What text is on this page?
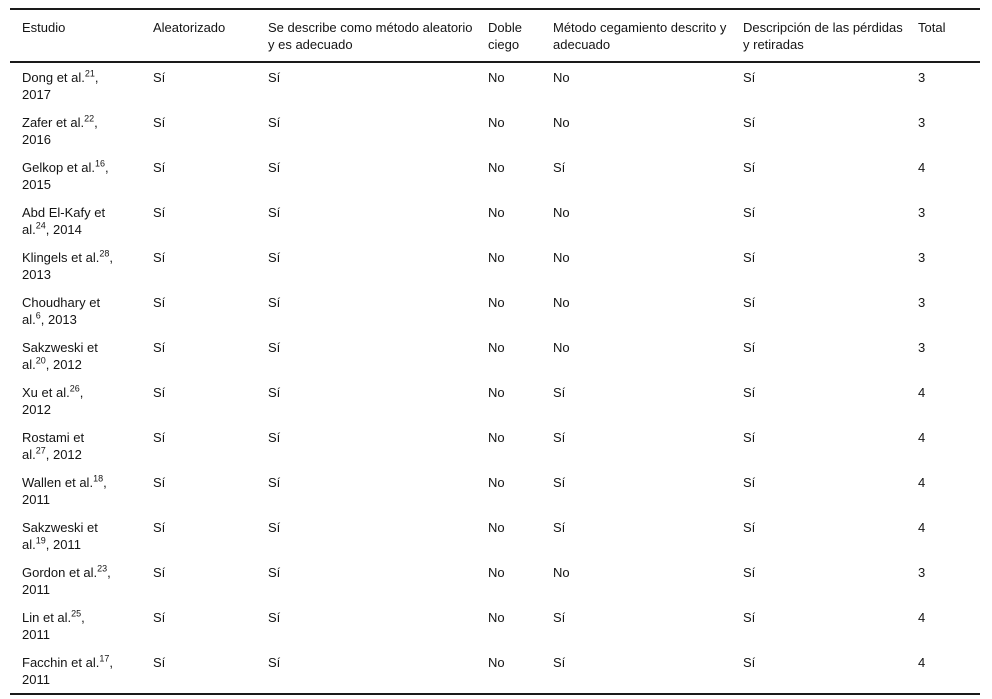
Estudio	Aleatorizado	Se describe como método aleatorio y es adecuado	Doble ciego	Método cegamiento descrito y adecuado	Descripción de las pérdidas y retiradas	Total

Dong et al.$^{21}$, 2017	Sí	Sí	No	No	Sí	3

Zafer et al.$^{22}$, 2016	Sí	Sí	No	No	Sí	3

Gelkop et al.$^{16}$, 2015	Sí	Sí	No	Sí	Sí	4

Abd El-Kafy et al.$^{24}$, 2014	Sí	Sí	No	No	Sí	3

Klingels et al.$^{28}$, 2013	Sí	Sí	No	No	Sí	3

Choudhary et al.$^6$, 2013	Sí	Sí	No	No	Sí	3

Sakzweski et al.$^{20}$, 2012	Sí	Sí	No	No	Sí	3

Xu et al.$^{26}$, 2012	Sí	Sí	No	Sí	Sí	4

Rostami et al.$^{27}$, 2012	Sí	Sí	No	Sí	Sí	4

Wallen et al.$^{18}$, 2011	Sí	Sí	No	Sí	Sí	4

Sakzweski et al.$^{19}$, 2011	Sí	Sí	No	Sí	Sí	4

Gordon et al.$^{23}$, 2011	Sí	Sí	No	No	Sí	3

Lin et al.$^{25}$, 2011	Sí	Sí	No	Sí	Sí	4

Facchin et al.$^{17}$, 2011	Sí	Sí	No	Sí	Sí	4
